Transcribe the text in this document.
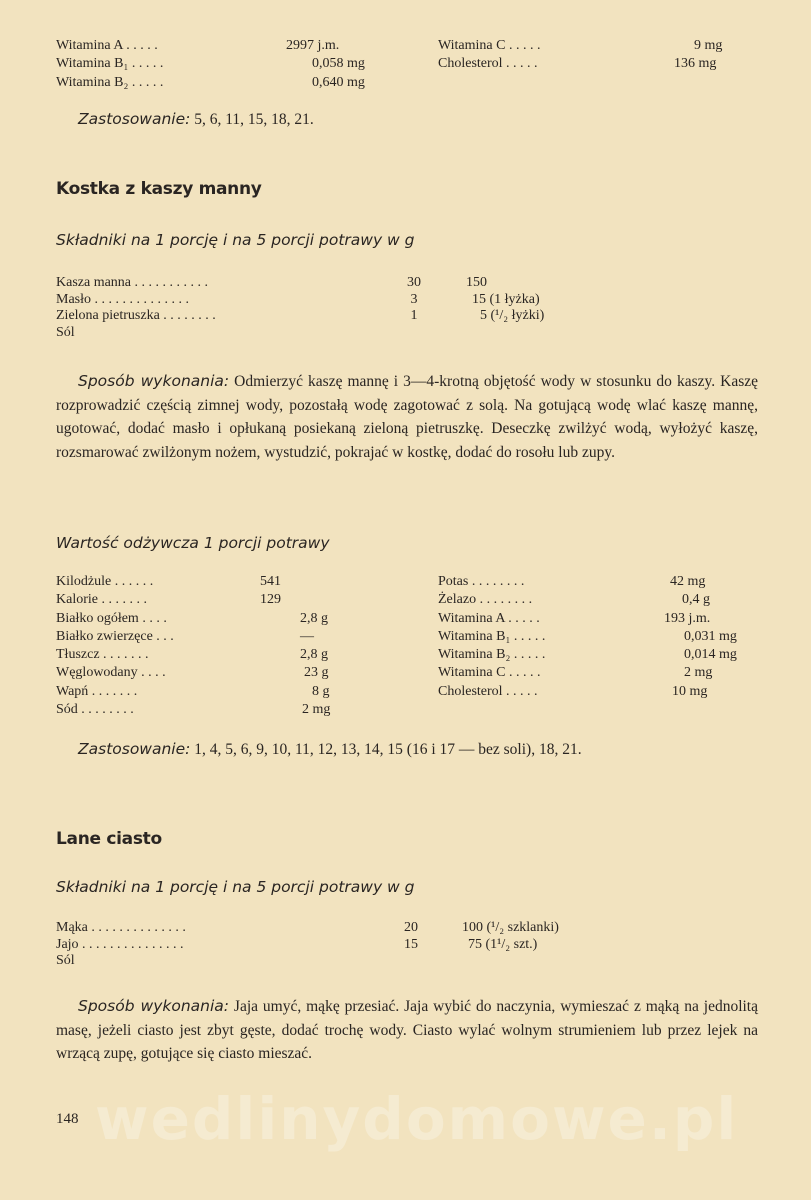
Witamina A . . . . .	2997 j.m.
Witamina B₁ . . . . .	0,058 mg
Witamina B₂ . . . . .	0,640 mg
Witamina C . . . . .	9 mg
Cholesterol . . . . .	136 mg
Zastosowanie: 5, 6, 11, 15, 18, 21.
Kostka z kaszy manny
Składniki na 1 porcję i na 5 porcji potrawy w g
Kasza manna . . . . . . . . . . .	30	150
Masło . . . . . . . . . . . . . .	3	15 (1 łyżka)
Zielona pietruszka . . . . . . . .	1	5 (¹/₂ łyżki)
Sól
Sposób wykonania: Odmierzyć kaszę mannę i 3—4-krotną objętość wody w stosunku do kaszy. Kaszę rozprowadzić częścią zimnej wody, pozostałą wodę zagotować z solą. Na gotującą wodę wlać kaszę mannę, ugotować, dodać masło i opłukaną posiekaną zieloną pietruszkę. Deseczkę zwilżyć wodą, wyłożyć kaszę, rozsmarować zwilżonym nożem, wystudzić, pokrajać w kostkę, dodać do rosołu lub zupy.
Wartość odżywcza 1 porcji potrawy
Kilodżule . . . . . .	541
Kalorie . . . . . . .	129
Białko ogółem . . . .	2,8 g
Białko zwierzęce . . .	—
Tłuszcz . . . . . . .	2,8 g
Węglowodany . . . .	23 g
Wapń . . . . . . .	8 g
Sód . . . . . . . .	2 mg
Potas . . . . . . . .	42 mg
Żelazo . . . . . . . .	0,4 g
Witamina A . . . . .	193 j.m.
Witamina B₁ . . . . .	0,031 mg
Witamina B₂ . . . . .	0,014 mg
Witamina C . . . . .	2 mg
Cholesterol . . . . .	10 mg
Zastosowanie: 1, 4, 5, 6, 9, 10, 11, 12, 13, 14, 15 (16 i 17 — bez soli), 18, 21.
Lane ciasto
Składniki na 1 porcję i na 5 porcji potrawy w g
Mąka . . . . . . . . . . . . . .	20	100 (¹/₂ szklanki)
Jajo . . . . . . . . . . . . . . .	15	75 (1¹/₂ szt.)
Sól
Sposób wykonania: Jaja umyć, mąkę przesiać. Jaja wybić do naczynia, wymieszać z mąką na jednolitą masę, jeżeli ciasto jest zbyt gęste, dodać trochę wody. Ciasto wylać wolnym strumieniem lub przez lejek na wrzącą zupę, gotujące się ciasto mieszać.
wedlinydomowe.pl
148
